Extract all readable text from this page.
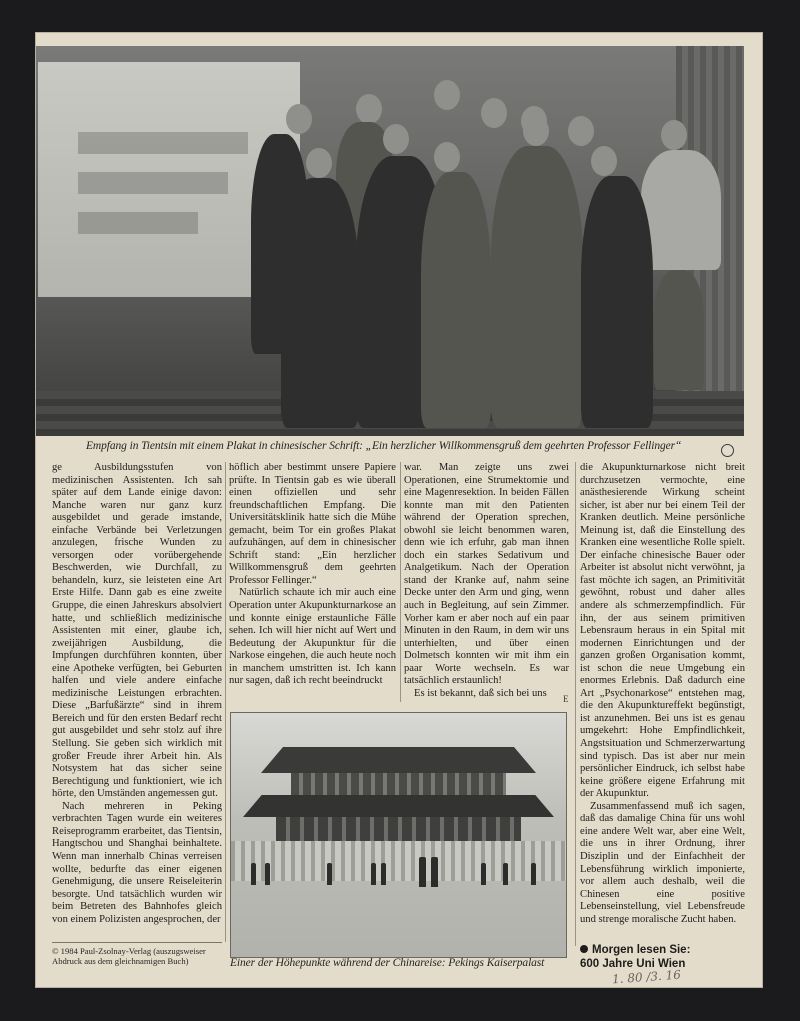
Empfang in Tientsin mit einem Plakat in chinesischer Schrift: „Ein herzlicher Willkommensgruß dem geehrten Professor Fellinger“

ge Ausbildungsstufen von medizinischen Assistenten. Ich sah später auf dem Lande einige davon: Manche waren nur ganz kurz ausgebildet und gerade imstande, einfache Verbände bei Verletzungen anzulegen, frische Wunden zu versorgen oder vorübergehende Beschwerden, wie Durchfall, zu behandeln, kurz, sie leisteten eine Art Erste Hilfe. Dann gab es eine zweite Gruppe, die einen Jahreskurs absolviert hatte, und schließlich medizinische Assistenten mit einer, glaube ich, zweijährigen Ausbildung, die Impfungen durchführen konnten, über eine Apotheke verfügten, bei Geburten halfen und viele andere einfache medizinische Leistungen erbrachten. Diese „Barfußärzte“ sind in ihrem Bereich und für den ersten Bedarf recht gut ausgebildet und sehr stolz auf ihre Stellung. Sie geben sich wirklich mit großer Freude ihrer Arbeit hin. Als Notsystem hat das sicher seine Berechtigung und funktioniert, wie ich hörte, den Umständen angemessen gut.

Nach mehreren in Peking verbrachten Tagen wurde ein weiteres Reiseprogramm erarbeitet, das Tientsin, Hangtschou und Shanghai beinhaltete. Wenn man innerhalb Chinas verreisen wollte, bedurfte das einer eigenen Genehmigung, die unsere Reiseleiterin besorgte. Und tatsächlich wurden wir beim Betreten des Bahnhofes gleich von einem Polizisten angesprochen, der

höflich aber bestimmt unsere Papiere prüfte. In Tientsin gab es wie überall einen offiziellen und sehr freundschaftlichen Empfang. Die Universitätsklinik hatte sich die Mühe gemacht, beim Tor ein großes Plakat aufzuhängen, auf dem in chinesischer Schrift stand: „Ein herzlicher Willkommensgruß dem geehrten Professor Fellinger.“

Natürlich schaute ich mir auch eine Operation unter Akupunkturnarkose an und konnte einige erstaunliche Fälle sehen. Ich will hier nicht auf Wert und Bedeutung der Akupunktur für die Narkose eingehen, die auch heute noch in manchem umstritten ist. Ich kann nur sagen, daß ich recht beeindruckt

war. Man zeigte uns zwei Operationen, eine Strumektomie und eine Magenresektion. In beiden Fällen konnte man mit den Patienten während der Operation sprechen, obwohl sie leicht benommen waren, denn wie ich erfuhr, gab man ihnen doch ein starkes Sedativum und Analgetikum. Nach der Operation stand der Kranke auf, nahm seine Decke unter den Arm und ging, wenn auch in Begleitung, auf sein Zimmer. Vorher kam er aber noch auf ein paar Minuten in den Raum, in dem wir uns unterhielten, und über einen Dolmetsch konnten wir mit ihm ein paar Worte wechseln. Es war tatsächlich erstaunlich!

Es ist bekannt, daß sich bei uns

die Akupunkturnarkose nicht breit durchzusetzen vermochte, eine anästhesierende Wirkung scheint sicher, ist aber nur bei einem Teil der Kranken deutlich. Meine persönliche Meinung ist, daß die Einstellung des Kranken eine wesentliche Rolle spielt. Der einfache chinesische Bauer oder Arbeiter ist absolut nicht verwöhnt, ja fast möchte ich sagen, an Primitivität gewöhnt, robust und daher alles andere als schmerzempfindlich. Für ihn, der aus seinem primitiven Lebensraum heraus in ein Spital mit modernen Einrichtungen und der ganzen großen Organisation kommt, ist schon die neue Umgebung ein enormes Erlebnis. Daß dadurch eine Art „Psychonarkose“ entstehen mag, die den Akupunktureffekt begünstigt, ist anzunehmen. Bei uns ist es genau umgekehrt: Hohe Empfindlichkeit, Angstsituation und Schmerzerwartung sind typisch. Das ist aber nur mein persönlicher Eindruck, ich selbst habe keine größere eigene Erfahrung mit der Akupunktur.

Zusammenfassend muß ich sagen, daß das damalige China für uns wohl eine andere Welt war, aber eine Welt, die uns in ihrer Ordnung, ihrer Disziplin und der Einfachheit der Lebensführung wirklich imponierte, vor allem auch deshalb, weil die Chinesen eine positive Lebenseinstellung, viel Lebensfreude und strenge moralische Zucht haben.

E
Einer der Höhepunkte während der Chinareise: Pekings Kaiserpalast
© 1984 Paul-Zsolnay-Verlag (auszugsweiser Abdruck aus dem gleichnamigen Buch)
Morgen lesen Sie:
600 Jahre Uni Wien
1. 80 /3. 16
